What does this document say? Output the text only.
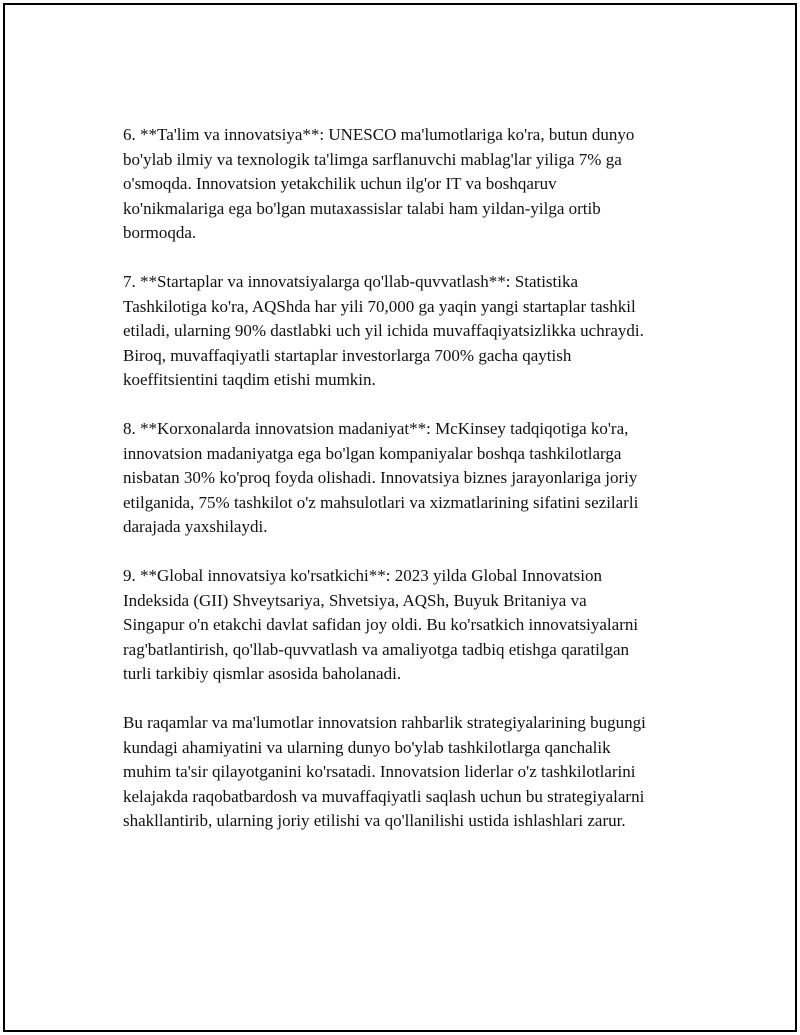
6. **Ta'lim va innovatsiya**: UNESCO ma'lumotlariga ko'ra, butun dunyo
bo'ylab ilmiy va texnologik ta'limga sarflanuvchi mablag'lar yiliga 7% ga
o'smoqda. Innovatsion yetakchilik uchun ilg'or IT va boshqaruv
ko'nikmalariga ega bo'lgan mutaxassislar talabi ham yildan-yilga ortib
bormoqda.

7. **Startaplar va innovatsiyalarga qo'llab-quvvatlash**: Statistika
Tashkilotiga ko'ra, AQShda har yili 70,000 ga yaqin yangi startaplar tashkil
etiladi, ularning 90% dastlabki uch yil ichida muvaffaqiyatsizlikka uchraydi.
Biroq, muvaffaqiyatli startaplar investorlarga 700% gacha qaytish
koeffitsientini taqdim etishi mumkin.

8. **Korxonalarda innovatsion madaniyat**: McKinsey tadqiqotiga ko'ra,
innovatsion madaniyatga ega bo'lgan kompaniyalar boshqa tashkilotlarga
nisbatan 30% ko'proq foyda olishadi. Innovatsiya biznes jarayonlariga joriy
etilganida, 75% tashkilot o'z mahsulotlari va xizmatlarining sifatini sezilarli
darajada yaxshilaydi.

9. **Global innovatsiya ko'rsatkichi**: 2023 yilda Global Innovatsion
Indeksida (GII) Shveytsariya, Shvetsiya, AQSh, Buyuk Britaniya va
Singapur o'n etakchi davlat safidan joy oldi. Bu ko'rsatkich innovatsiyalarni
rag'batlantirish, qo'llab-quvvatlash va amaliyotga tadbiq etishga qaratilgan
turli tarkibiy qismlar asosida baholanadi.

Bu raqamlar va ma'lumotlar innovatsion rahbarlik strategiyalarining bugungi
kundagi ahamiyatini va ularning dunyo bo'ylab tashkilotlarga qanchalik
muhim ta'sir qilayotganini ko'rsatadi. Innovatsion liderlar o'z tashkilotlarini
kelajakda raqobatbardosh va muvaffaqiyatli saqlash uchun bu strategiyalarni
shakllantirib, ularning joriy etilishi va qo'llanilishi ustida ishlashlari zarur.
